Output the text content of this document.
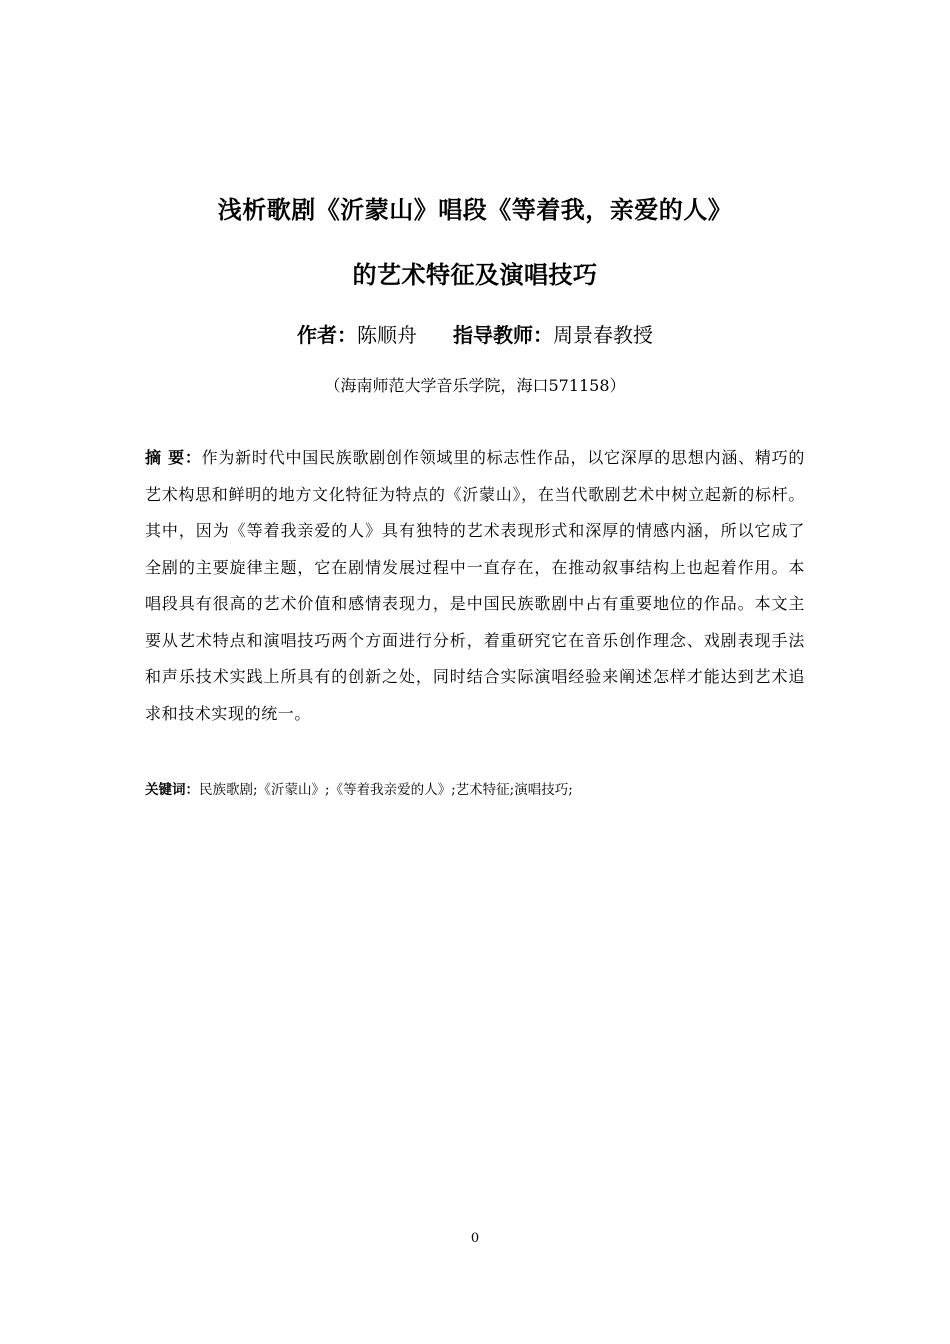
浅析歌剧《沂蒙山》唱段《等着我，亲爱的人》
的艺术特征及演唱技巧
作者：陈顺舟 指导教师：周景春教授
（海南师范大学音乐学院，海口571158）
摘 要：作为新时代中国民族歌剧创作领域里的标志性作品，以它深厚的思想内涵、精巧的艺术构思和鲜明的地方文化特征为特点的《沂蒙山》，在当代歌剧艺术中树立起新的标杆。其中，因为《等着我亲爱的人》具有独特的艺术表现形式和深厚的情感内涵，所以它成了全剧的主要旋律主题，它在剧情发展过程中一直存在，在推动叙事结构上也起着作用。本唱段具有很高的艺术价值和感情表现力，是中国民族歌剧中占有重要地位的作品。本文主要从艺术特点和演唱技巧两个方面进行分析，着重研究它在音乐创作理念、戏剧表现手法和声乐技术实践上所具有的创新之处，同时结合实际演唱经验来阐述怎样才能达到艺术追求和技术实现的统一。
关键词：民族歌剧;《沂蒙山》;《等着我亲爱的人》;艺术特征;演唱技巧;
0
